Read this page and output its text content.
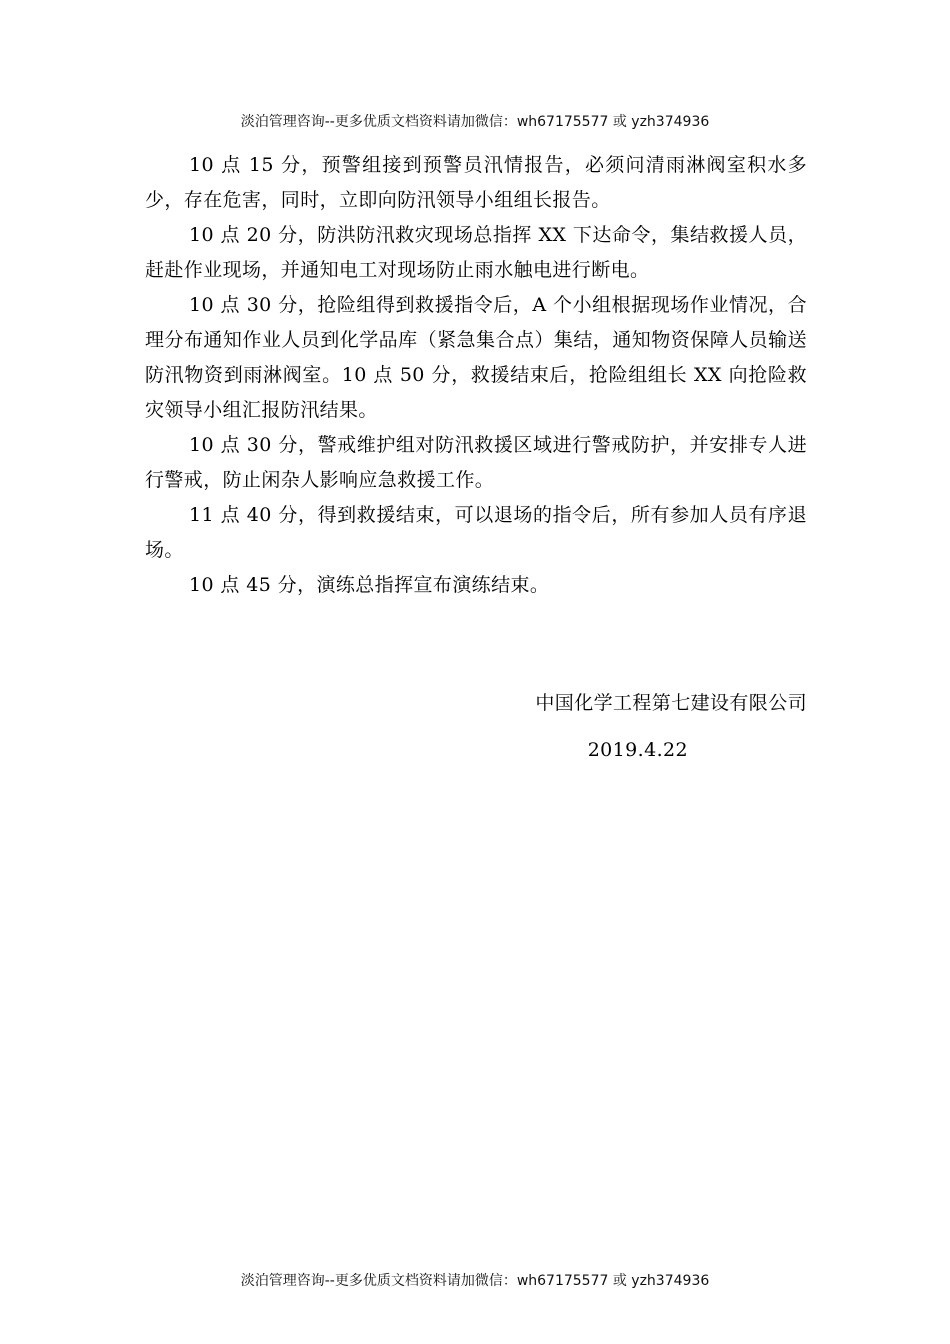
淡泊管理咨询--更多优质文档资料请加微信：wh67175577 或 yzh374936

10 点 15 分，预警组接到预警员汛情报告，必须问清雨淋阀室积水多少，存在危害，同时，立即向防汛领导小组组长报告。

10 点 20 分，防洪防汛救灾现场总指挥 XX 下达命令，集结救援人员，赶赴作业现场，并通知电工对现场防止雨水触电进行断电。

10 点 30 分，抢险组得到救援指令后，A 个小组根据现场作业情况，合理分布通知作业人员到化学品库（紧急集合点）集结，通知物资保障人员输送防汛物资到雨淋阀室。10 点 50 分，救援结束后，抢险组组长 XX 向抢险救灾领导小组汇报防汛结果。

10 点 30 分，警戒维护组对防汛救援区域进行警戒防护，并安排专人进行警戒，防止闲杂人影响应急救援工作。

11 点 40 分，得到救援结束，可以退场的指令后，所有参加人员有序退场。

10 点 45 分，演练总指挥宣布演练结束。

中国化学工程第七建设有限公司
2019.4.22
淡泊管理咨询--更多优质文档资料请加微信：wh67175577 或 yzh374936
